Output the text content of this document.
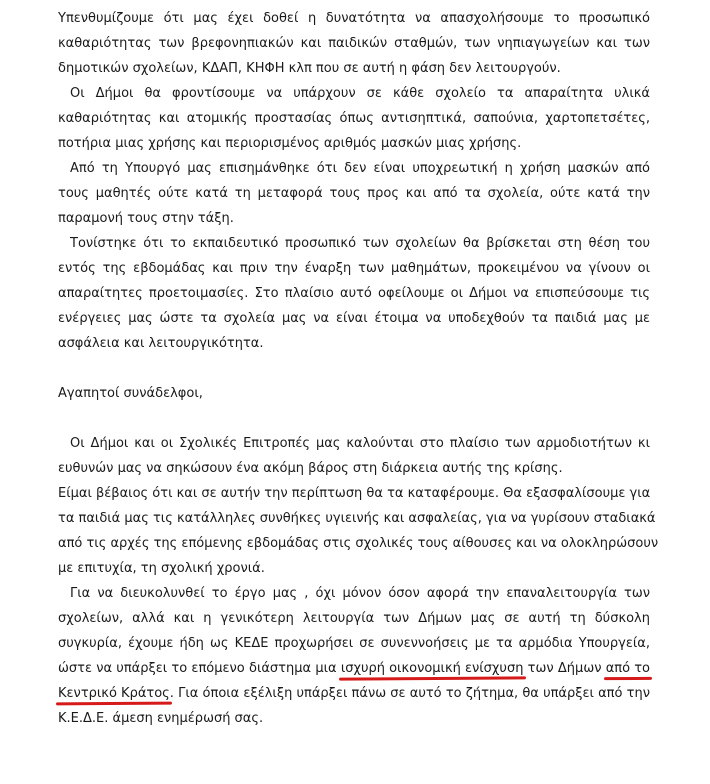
Υπενθυμίζουμε ότι μας έχει δοθεί η δυνατότητα να απασχολήσουμε το προσωπικό
καθαριότητας των βρεφονηπιακών και παιδικών σταθμών, των νηπιαγωγείων και των
δημοτικών σχολείων, ΚΔΑΠ, ΚΗΦΗ κλπ που σε αυτή η φάση δεν λειτουργούν.
Οι Δήμοι θα φροντίσουμε να υπάρχουν σε κάθε σχολείο τα απαραίτητα υλικά
καθαριότητας και ατομικής προστασίας όπως αντισηπτικά, σαπούνια, χαρτοπετσέτες,
ποτήρια μιας χρήσης και περιορισμένος αριθμός μασκών μιας χρήσης.
Από τη Υπουργό μας επισημάνθηκε ότι δεν είναι υποχρεωτική η χρήση μασκών από
τους μαθητές ούτε κατά τη μεταφορά τους προς και από τα σχολεία, ούτε κατά την
παραμονή τους στην τάξη.
Τονίστηκε ότι το εκπαιδευτικό προσωπικό των σχολείων θα βρίσκεται στη θέση του
εντός της εβδομάδας και πριν την έναρξη των μαθημάτων, προκειμένου να γίνουν οι
απαραίτητες προετοιμασίες. Στο πλαίσιο αυτό οφείλουμε οι Δήμοι να επισπεύσουμε τις
ενέργειες μας ώστε τα σχολεία μας να είναι έτοιμα να υποδεχθούν τα παιδιά μας με
ασφάλεια και λειτουργικότητα.
Αγαπητοί συνάδελφοι,
Οι Δήμοι και οι Σχολικές Επιτροπές μας καλούνται στο πλαίσιο των αρμοδιοτήτων κι
ευθυνών μας να σηκώσουν ένα ακόμη βάρος στη διάρκεια αυτής της κρίσης.
Είμαι βέβαιος ότι και σε αυτήν την περίπτωση θα τα καταφέρουμε. Θα εξασφαλίσουμε για
τα παιδιά μας τις κατάλληλες συνθήκες υγιεινής και ασφαλείας, για να γυρίσουν σταδιακά
από τις αρχές της επόμενης εβδομάδας στις σχολικές τους αίθουσες και να ολοκληρώσουν
με επιτυχία, τη σχολική χρονιά.
Για να διευκολυνθεί το έργο μας , όχι μόνον όσον αφορά την επαναλειτουργία των
σχολείων, αλλά και η γενικότερη λειτουργία των Δήμων μας σε αυτή τη δύσκολη
συγκυρία, έχουμε ήδη ως ΚΕΔΕ προχωρήσει σε συνεννοήσεις με τα αρμόδια Υπουργεία,
ώστε να υπάρξει το επόμενο διάστημα μια ισχυρή οικονομική ενίσχυση των Δήμων από το
Κεντρικό Κράτος. Για όποια εξέλιξη υπάρξει πάνω σε αυτό το ζήτημα, θα υπάρξει από την
Κ.Ε.Δ.Ε. άμεση ενημέρωσή σας.
